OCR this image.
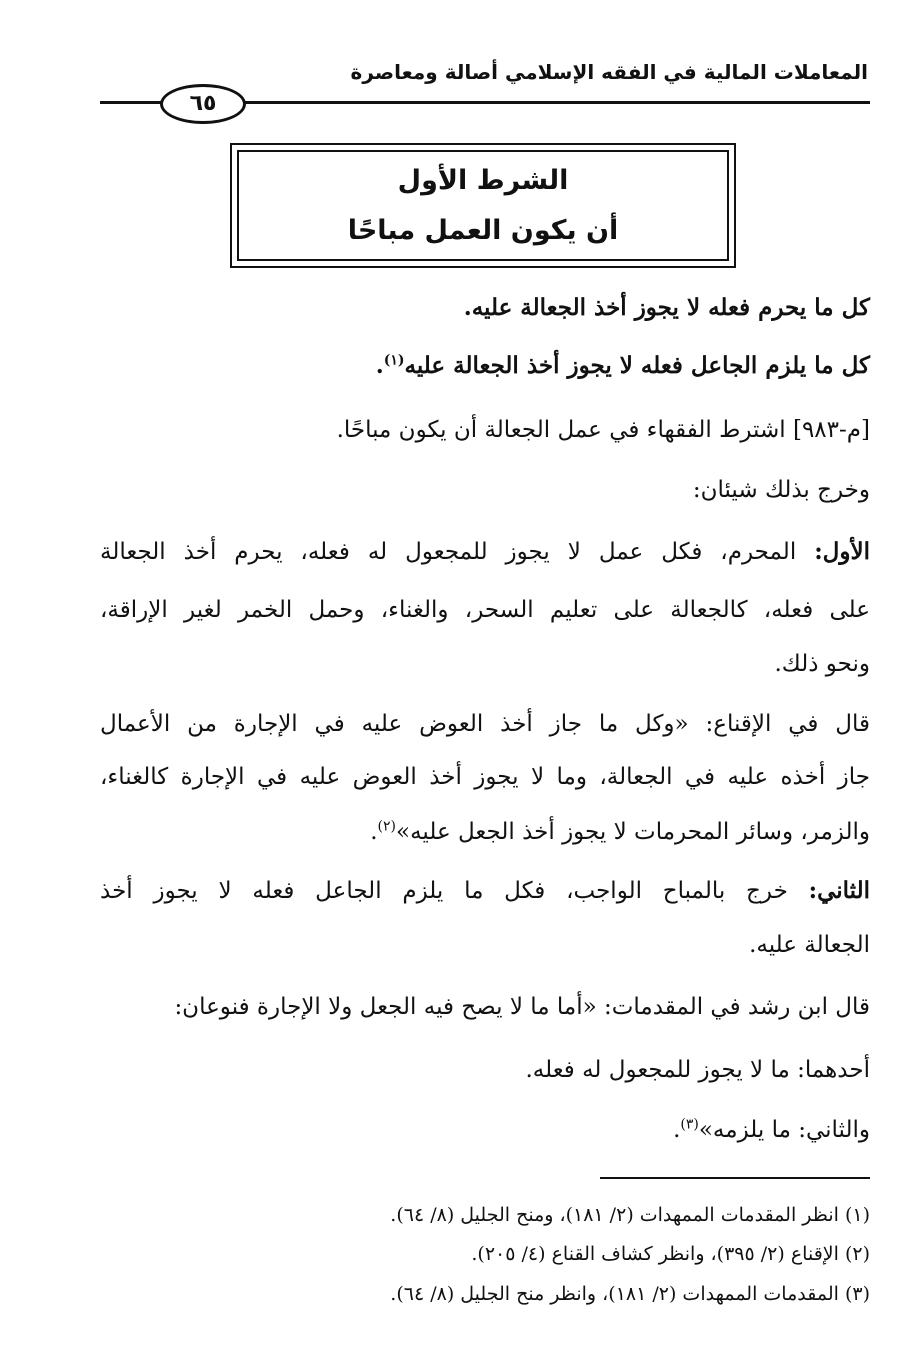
المعاملات المالية في الفقه الإسلامي أصالة ومعاصرة
٦٥
الشرط الأول
أن يكون العمل مباحًا
كل ما يحرم فعله لا يجوز أخذ الجعالة عليه.
كل ما يلزم الجاعل فعله لا يجوز أخذ الجعالة عليه$^{(١)}$.
[م-٩٨٣] اشترط الفقهاء في عمل الجعالة أن يكون مباحًا.
وخرج بذلك شيئان:
الأول: المحرم، فكل عمل لا يجوز للمجعول له فعله، يحرم أخذ الجعالة
على فعله، كالجعالة على تعليم السحر، والغناء، وحمل الخمر لغير الإراقة،
ونحو ذلك.
قال في الإقناع: «وكل ما جاز أخذ العوض عليه في الإجارة من الأعمال
جاز أخذه عليه في الجعالة، وما لا يجوز أخذ العوض عليه في الإجارة كالغناء،
والزمر، وسائر المحرمات لا يجوز أخذ الجعل عليه»$^{(٢)}$.
الثاني: خرج بالمباح الواجب، فكل ما يلزم الجاعل فعله لا يجوز أخذ
الجعالة عليه.
قال ابن رشد في المقدمات: «أما ما لا يصح فيه الجعل ولا الإجارة فنوعان:
أحدهما: ما لا يجوز للمجعول له فعله.
والثاني: ما يلزمه»$^{(٣)}$.
(١) انظر المقدمات الممهدات (٢/ ١٨١)، ومنح الجليل (٨/ ٦٤).
(٢) الإقناع (٢/ ٣٩٥)، وانظر كشاف القناع (٤/ ٢٠٥).
(٣) المقدمات الممهدات (٢/ ١٨١)، وانظر منح الجليل (٨/ ٦٤).
